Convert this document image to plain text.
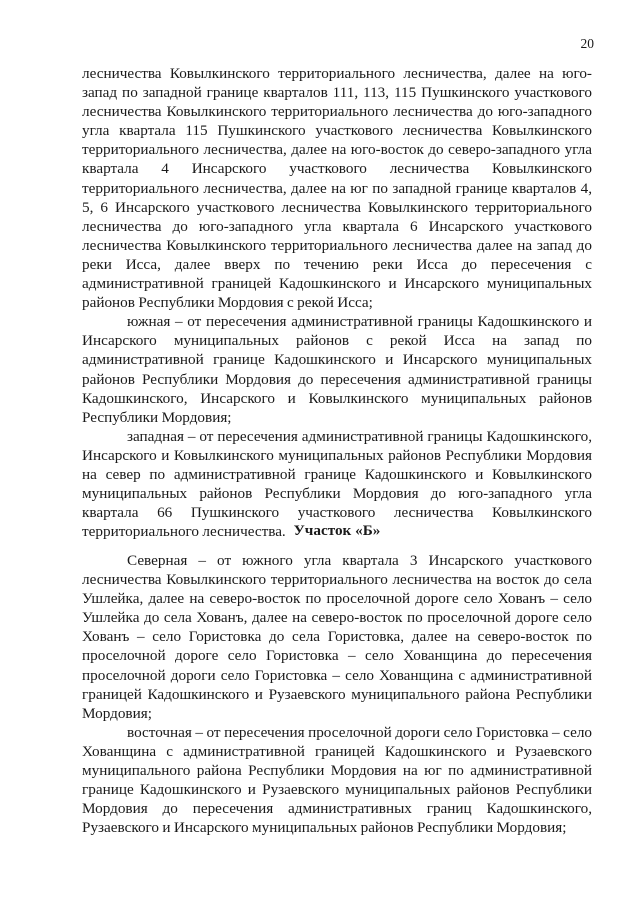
20

лесничества Ковылкинского территориального лесничества, далее на юго-запад по западной границе кварталов 111, 113, 115 Пушкинского участкового лесничества Ковылкинского территориального лесничества до юго-западного угла квартала 115 Пушкинского участкового лесничества Ковылкинского территориального лесничества, далее на юго-восток до северо-западного угла квартала 4 Инсарского участкового лесничества Ковылкинского территориального лесничества, далее на юг по западной границе кварталов 4, 5, 6 Инсарского участкового лесничества Ковылкинского территориального лесничества до юго-западного угла квартала 6 Инсарского участкового лесничества Ковылкинского территориального лесничества далее на запад до реки Исса, далее вверх по течению реки Исса до пересечения с административной границей Кадошкинского и Инсарского муниципальных районов Республики Мордовия с рекой Исса;

южная – от пересечения административной границы Кадошкинского и Инсарского муниципальных районов с рекой Исса на запад по административной границе Кадошкинского и Инсарского муниципальных районов Республики Мордовия до пересечения административной границы Кадошкинского, Инсарского и Ковылкинского муниципальных районов Республики Мордовия;

западная – от пересечения административной границы Кадошкинского, Инсарского и Ковылкинского муниципальных районов Республики Мордовия на север по административной границе Кадошкинского и Ковылкинского муниципальных районов Республики Мордовия до юго-западного угла квартала 66 Пушкинского участкового лесничества Ковылкинского территориального лесничества. Участок «Б»

Северная – от южного угла квартала 3 Инсарского участкового лесничества Ковылкинского территориального лесничества на восток до села Ушлейка, далее на северо-восток по проселочной дороге село Хованъ – село Ушлейка до села Хованъ, далее на северо-восток по проселочной дороге село Хованъ – село Гористовка до села Гористовка, далее на северо-восток по проселочной дороге село Гористовка – село Хованщина до пересечения проселочной дороги село Гористовка – село Хованщина с административной границей Кадошкинского и Рузаевского муниципального района Республики Мордовия;

восточная – от пересечения проселочной дороги село Гористовка – село Хованщина с административной границей Кадошкинского и Рузаевского муниципального района Республики Мордовия на юг по административной границе Кадошкинского и Рузаевского муниципальных районов Республики Мордовия до пересечения административных границ Кадошкинского, Рузаевского и Инсарского муниципальных районов Республики Мордовия;
